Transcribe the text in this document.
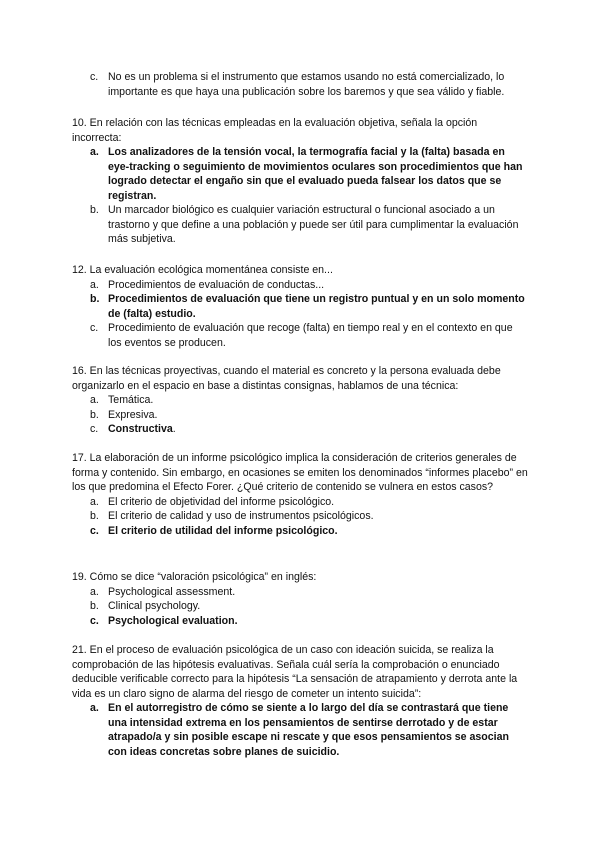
c. No es un problema si el instrumento que estamos usando no está comercializado, lo importante es que haya una publicación sobre los baremos y que sea válido y fiable.

10. En relación con las técnicas empleadas en la evaluación objetiva, señala la opción incorrecta:

a. Los analizadores de la tensión vocal, la termografía facial y la (falta) basada en eye-tracking o seguimiento de movimientos oculares son procedimientos que han logrado detectar el engaño sin que el evaluado pueda falsear los datos que se registran.
b. Un marcador biológico es cualquier variación estructural o funcional asociado a un trastorno y que define a una población y puede ser útil para cumplimentar la evaluación más subjetiva.

12. La evaluación ecológica momentánea consiste en...

a. Procedimientos de evaluación de conductas...
b. Procedimientos de evaluación que tiene un registro puntual y en un solo momento de (falta) estudio.
c. Procedimiento de evaluación que recoge (falta) en tiempo real y en el contexto en que los eventos se producen.

16. En las técnicas proyectivas, cuando el material es concreto y la persona evaluada debe organizarlo en el espacio en base a distintas consignas, hablamos de una técnica:

a. Temática.
b. Expresiva.
c. Constructiva.

17. La elaboración de un informe psicológico implica la consideración de criterios generales de forma y contenido. Sin embargo, en ocasiones se emiten los denominados “informes placebo” en los que predomina el Efecto Forer. ¿Qué criterio de contenido se vulnera en estos casos?

a. El criterio de objetividad del informe psicológico.
b. El criterio de calidad y uso de instrumentos psicológicos.
c. El criterio de utilidad del informe psicológico.

19. Cómo se dice “valoración psicológica” en inglés:

a. Psychological assessment.
b. Clinical psychology.
c. Psychological evaluation.

21. En el proceso de evaluación psicológica de un caso con ideación suicida, se realiza la comprobación de las hipótesis evaluativas. Señala cuál sería la comprobación o enunciado deducible verificable correcto para la hipótesis “La sensación de atrapamiento y derrota ante la vida es un claro signo de alarma del riesgo de cometer un intento suicida”:

a. En el autorregistro de cómo se siente a lo largo del día se contrastará que tiene una intensidad extrema en los pensamientos de sentirse derrotado y de estar atrapado/a y sin posible escape ni rescate y que esos pensamientos se asocian con ideas concretas sobre planes de suicidio.
